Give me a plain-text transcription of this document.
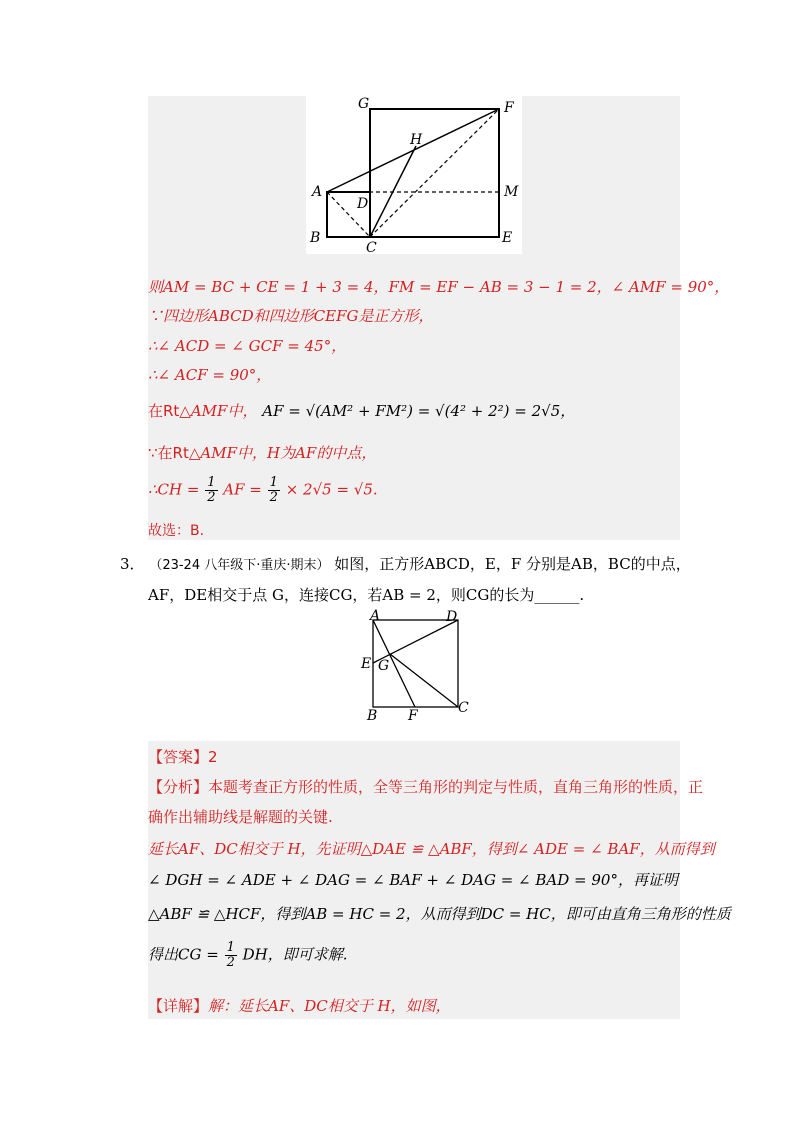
G	F
H
A	M
D
B
C
E
则AM = BC + CE = 1 + 3 = 4，FM = EF − AB = 3 − 1 = 2，∠ AMF = 90°，
∵四边形ABCD和四边形CEFG是正方形，
∴∠ ACD = ∠ GCF = 45°，
∴∠ ACF = 90°，
在Rt△AMF中， AF = √(AM² + FM²) = √(4² + 2²) = 2√5，
∵在Rt△AMF中，H为AF的中点，
∴CH = $\frac{1}{2}$ AF = $\frac{1}{2} \times 2√5 = √5$.
故选：B.
3． （23-24 八年级下·重庆·期末） 如图，正方形ABCD，E，F 分别是AB，BC的中点，
AF，DE相交于点 G，连接CG，若AB = 2，则CG的长为______.
A	D
E G
B F	C
【答案】2
【分析】本题考查正方形的性质，全等三角形的判定与性质，直角三角形的性质，正
确作出辅助线是解题的关键.
延长AF、DC相交于 H，先证明△DAE ≌ △ABF，得到∠ ADE = ∠ BAF，从而得到
∠ DGH = ∠ ADE + ∠ DAG = ∠ BAF + ∠ DAG = ∠ BAD = 90°，再证明
△ABF ≌ △HCF，得到AB = HC = 2，从而得到DC = HC，即可由直角三角形的性质
得出CG = $\frac{1}{2}$ DH，即可求解.
【详解】解：延长AF、DC相交于 H，如图，
